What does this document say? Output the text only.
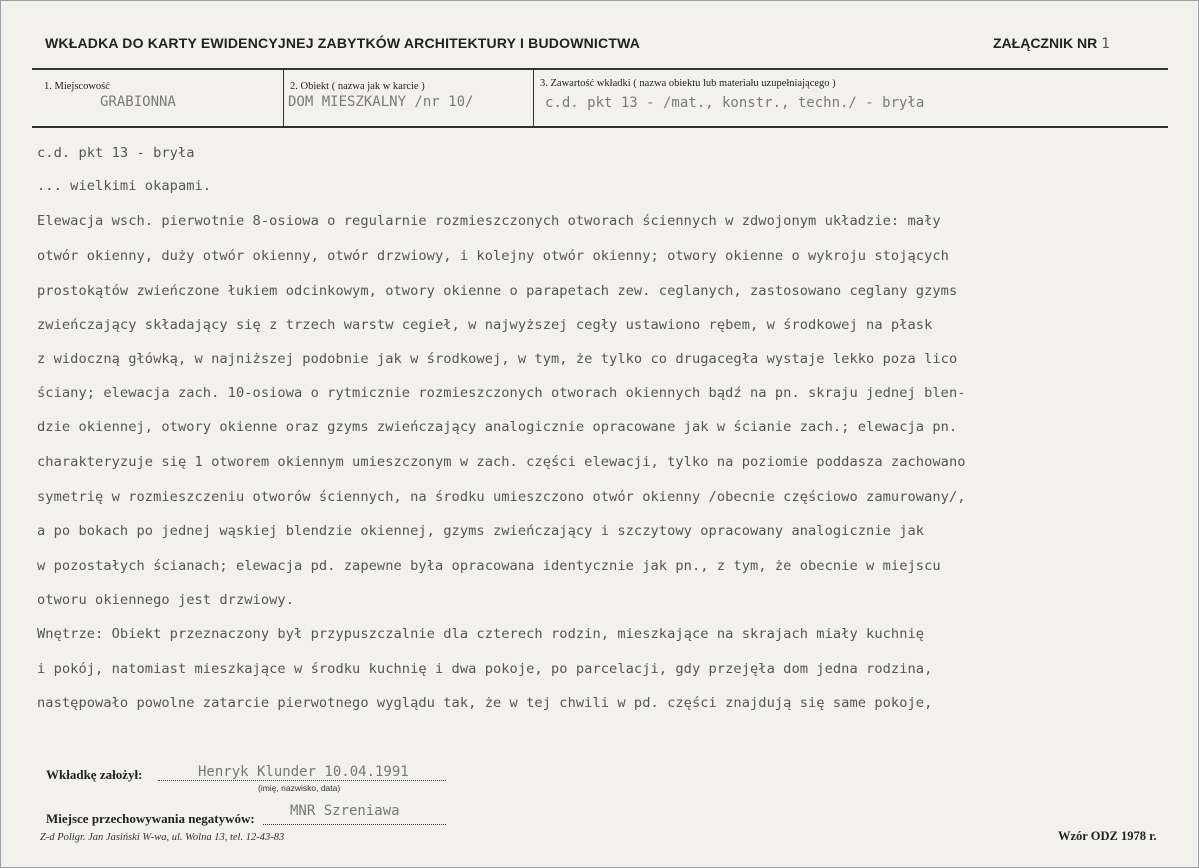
WKŁADKA DO KARTY EWIDENCYJNEJ ZABYTKÓW ARCHITEKTURY I BUDOWNICTWA	ZAŁĄCZNIK NR 1
1. Miejscowość
GRABIONNA
2. Obiekt ( nazwa jak w karcie )
DOM MIESZKALNY /nr 10/
3. Zawartość wkładki ( nazwa obiektu lub materiału uzupełniającego )
c.d. pkt 13 - /mat., konstr., techn./ - bryła
c.d. pkt 13 - bryła
... wielkimi okapami.
Elewacja wsch. pierwotnie 8-osiowa o regularnie rozmieszczonych otworach ściennych w zdwojonym układzie: mały
otwór okienny, duży otwór okienny, otwór drzwiowy, i kolejny otwór okienny; otwory okienne o wykroju stojących
prostokątów zwieńczone łukiem odcinkowym, otwory okienne o parapetach zew. ceglanych, zastosowano ceglany gzyms
zwieńczający składający się z trzech warstw cegieł, w najwyższej cegły ustawiono rębem, w środkowej na płask
z widoczną główką, w najniższej podobnie jak w środkowej, w tym, że tylko co drugacegła wystaje lekko poza lico
ściany; elewacja zach. 10-osiowa o rytmicznie rozmieszczonych otworach okiennych bądź na pn. skraju jednej blen-
dzie okiennej, otwory okienne oraz gzyms zwieńczający analogicznie opracowane jak w ścianie zach.; elewacja pn.
charakteryzuje się 1 otworem okiennym umieszczonym w zach. części elewacji, tylko na poziomie poddasza zachowano
symetrię w rozmieszczeniu otworów ściennych, na środku umieszczono otwór okienny /obecnie częściowo zamurowany/,
a po bokach po jednej wąskiej blendzie okiennej, gzyms zwieńczający i szczytowy opracowany analogicznie jak
w pozostałych ścianach; elewacja pd. zapewne była opracowana identycznie jak pn., z tym, że obecnie w miejscu
otworu okiennego jest drzwiowy.
Wnętrze: Obiekt przeznaczony był przypuszczalnie dla czterech rodzin, mieszkające na skrajach miały kuchnię
i pokój, natomiast mieszkające w środku kuchnię i dwa pokoje, po parcelacji, gdy przejęła dom jedna rodzina,
następowało powolne zatarcie pierwotnego wyglądu tak, że w tej chwili w pd. części znajdują się same pokoje,
Wkładkę założył:	Henryk Klunder 10.04.1991
(imię, nazwisko, data)
Miejsce przechowywania negatywów:	MNR Szreniawa
Z-d Poligr. Jan Jasiński W-wa, ul. Wolna 13, tel. 12-43-83	Wzór ODZ 1978 r.
